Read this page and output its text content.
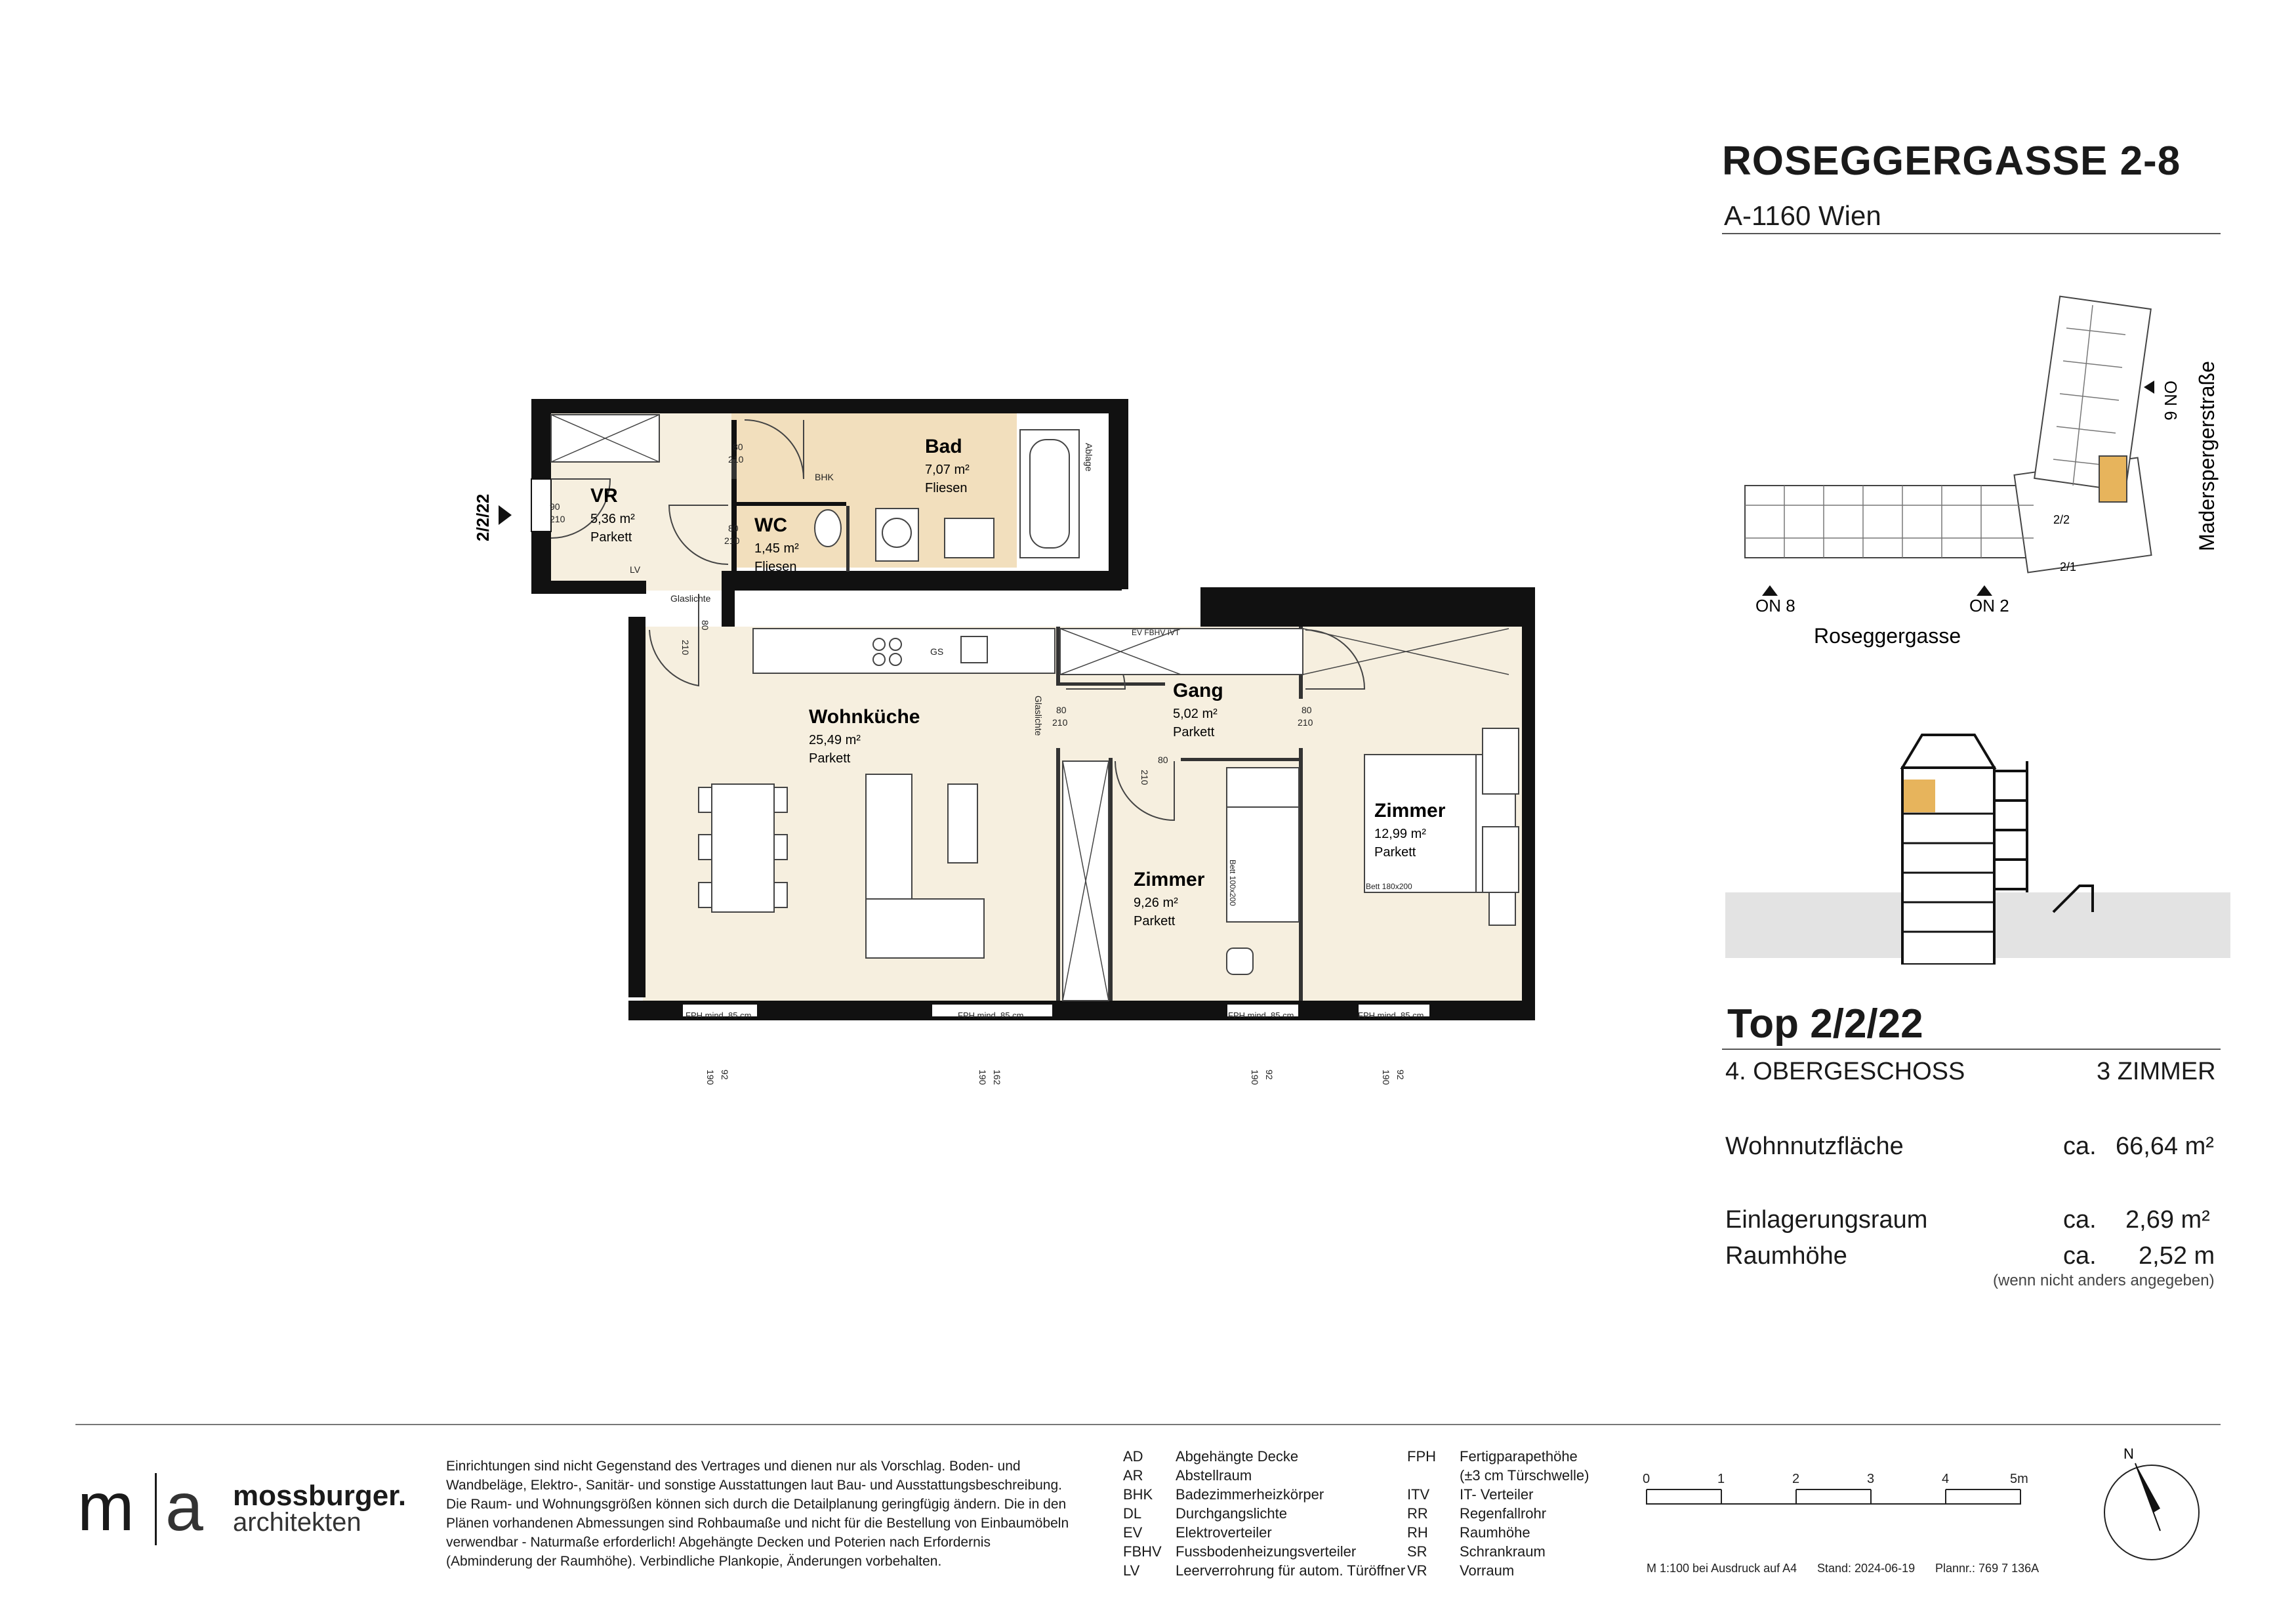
ROSEGGERGASSE 2-8
A-1160 Wien
ON 8	ON 2
ON 6
Roseggergasse
Maderspergerstraße
2/2
2/1
Top 2/2/22
4. OBERGESCHOSS	3 ZIMMER
Wohnnutzfläche	ca. 66,64 m²
Einlagerungsraum	ca. 2,69 m²
Raumhöhe	ca. 2,52 m
(wenn nicht anders angegeben)
2/2/22
Bad
7,07 m²
Fliesen
VR
5,36 m²
Parkett
WC
1,45 m²
Fliesen
Gang
5,02 m²
Parkett
Wohnküche
25,49 m²
Parkett
Zimmer
12,99 m²
Parkett
Zimmer
9,26 m²
Parkett
BHK
Ablage
LV
Glaslichte
Glaslichte
GS
EV FBHV IVT
Bett 100x200	Bett 180x200
FPH mind. 85 cm	FPH mind. 85 cm	FPH mind. 85 cm	FPH mind. 85 cm
80
210
90
210
80
210
80
210
80
210
80
210
80
210
92
190	162
190	92
190	92
190
m a mossburger.
architekten
Einrichtungen sind nicht Gegenstand des Vertrages und dienen nur als Vorschlag. Boden- und Wandbeläge, Elektro-, Sanitär- und sonstige Ausstattungen laut Bau- und Ausstattungsbeschreibung. Die Raum- und Wohnungsgrößen können sich durch die Detailplanung geringfügig ändern. Die in den Plänen vorhandenen Abmessungen sind Rohbaumaße und nicht für die Bestellung von Einbaumöbeln verwendbar - Naturmaße erforderlich! Abgehängte Decken und Poterien nach Erfordernis (Abminderung der Raumhöhe). Verbindliche Plankopie, Änderungen vorbehalten.
AD	Abgehängte Decke
AR	Abstellraum
BHK	Badezimmerheizkörper
DL	Durchgangslichte
EV	Elektroverteiler
FBHV Fussbodenheizungsverteiler
LV	Leerverrohrung für autom. Türöffner
FPH	Fertigparapethöhe
(±3 cm Türschwelle)
ITV	IT- Verteiler
RR	Regenfallrohr
RH	Raumhöhe
SR	Schrankraum
VR	Vorraum
0	1	2	3	4	5m
M 1:100 bei Ausdruck auf A4 Stand: 2024-06-19 Plannr.: 769 7 136A
N
